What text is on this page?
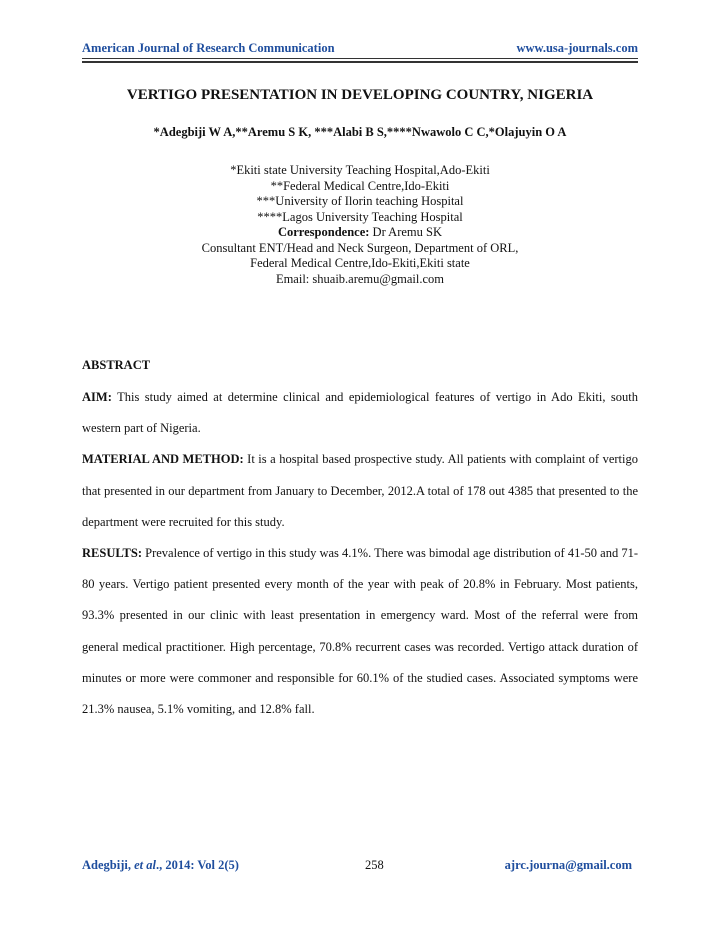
American Journal of Research Communication	www.usa-journals.com
VERTIGO PRESENTATION IN DEVELOPING COUNTRY, NIGERIA
*Adegbiji W A,**Aremu S K, ***Alabi B S,****Nwawolo C C,*Olajuyin O A
*Ekiti state University Teaching Hospital,Ado-Ekiti
**Federal Medical Centre,Ido-Ekiti
***University of Ilorin teaching Hospital
****Lagos University Teaching Hospital
Correspondence: Dr Aremu SK
Consultant ENT/Head and Neck Surgeon, Department of ORL,
Federal Medical Centre,Ido-Ekiti,Ekiti state
Email: shuaib.aremu@gmail.com
ABSTRACT

AIM: This study aimed at determine clinical and epidemiological features of vertigo in Ado Ekiti, south western part of Nigeria.

MATERIAL AND METHOD: It is a hospital based prospective study. All patients with complaint of vertigo that presented in our department from January to December, 2012.A total of 178 out 4385 that presented to the department were recruited for this study.

RESULTS: Prevalence of vertigo in this study was 4.1%. There was bimodal age distribution of 41-50 and 71-80 years. Vertigo patient presented every month of the year with peak of 20.8% in February. Most patients, 93.3% presented in our clinic with least presentation in emergency ward. Most of the referral were from general medical practitioner. High percentage, 70.8% recurrent cases was recorded. Vertigo attack duration of minutes or more were commoner and responsible for 60.1% of the studied cases. Associated symptoms were 21.3% nausea, 5.1% vomiting, and 12.8% fall.

Adegbiji, et al., 2014: Vol 2(5)	258	ajrc.journa@gmail.com
